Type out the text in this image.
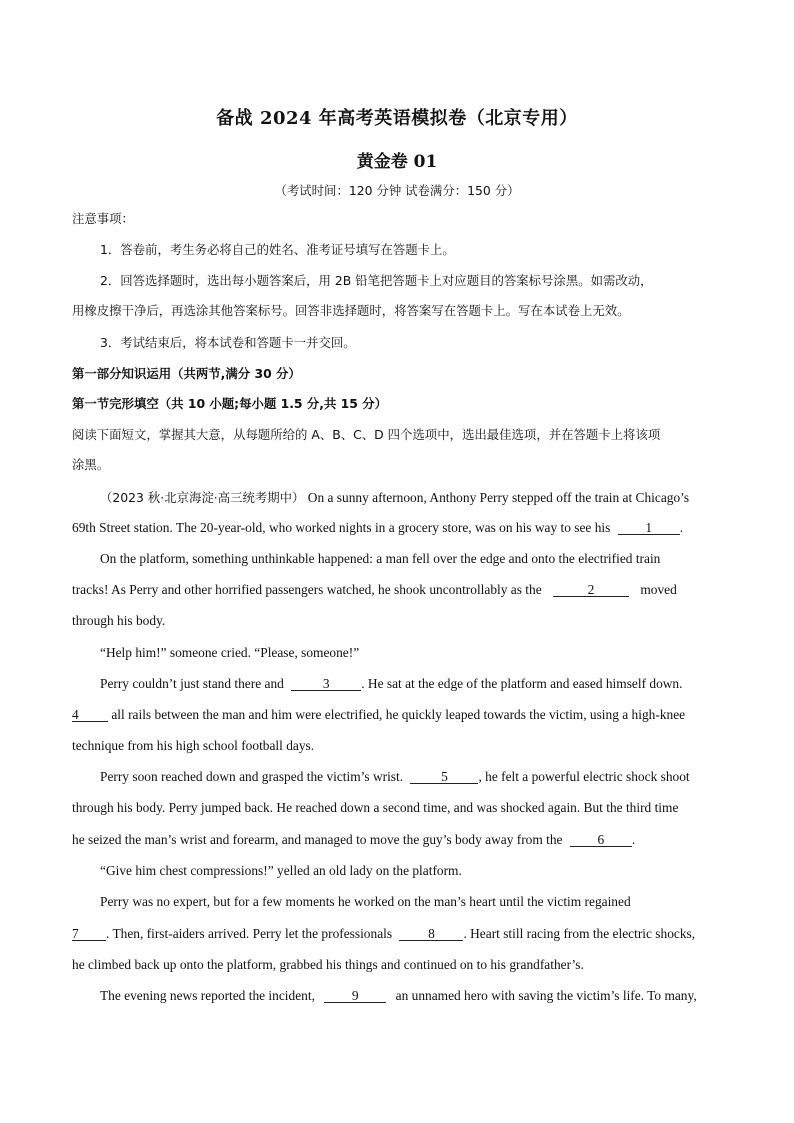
备战 2024 年高考英语模拟卷（北京专用）
黄金卷 01
（考试时间：120 分钟 试卷满分：150 分）
注意事项：
1．答卷前，考生务必将自己的姓名、准考证号填写在答题卡上。
2．回答选择题时，选出每小题答案后，用 2B 铅笔把答题卡上对应题目的答案标号涂黑。如需改动，
用橡皮擦干净后，再选涂其他答案标号。回答非选择题时，将答案写在答题卡上。写在本试卷上无效。
3．考试结束后，将本试卷和答题卡一并交回。
第一部分知识运用（共两节,满分 30 分）
第一节完形填空（共 10 小题;每小题 1.5 分,共 15 分）
阅读下面短文，掌握其大意，从每题所给的 A、B、C、D 四个选项中，选出最佳选项，并在答题卡上将该项
涂黑。
（2023 秋·北京海淀·高三统考期中） On a sunny afternoon, Anthony Perry stepped off the train at Chicago’s
69th Street station. The 20-year-old, who worked nights in a grocery store, was on his way to see his	1 .
On the platform, something unthinkable happened: a man fell over the edge and onto the electrified train
tracks! As Perry and other horrified passengers watched, he shook uncontrollably as the	2	moved
through his body.
“Help him!” someone cried. “Please, someone!”
Perry couldn’t just stand there and	3 . He sat at the edge of the platform and eased himself down.
4 all rails between the man and him were electrified, he quickly leaped towards the victim, using a high-knee
technique from his high school football days.
Perry soon reached down and grasped the victim’s wrist.	5 , he felt a powerful electric shock shoot
through his body. Perry jumped back. He reached down a second time, and was shocked again. But the third time
he seized the man’s wrist and forearm, and managed to move the guy’s body away from the	6 .
“Give him chest compressions!” yelled an old lady on the platform.
Perry was no expert, but for a few moments he worked on the man’s heart until the victim regained
7 . Then, first-aiders arrived. Perry let the professionals	8 . Heart still racing from the electric shocks,
he climbed back up onto the platform, grabbed his things and continued on to his grandfather’s.
The evening news reported the incident,	9	an unnamed hero with saving the victim’s life. To many,
